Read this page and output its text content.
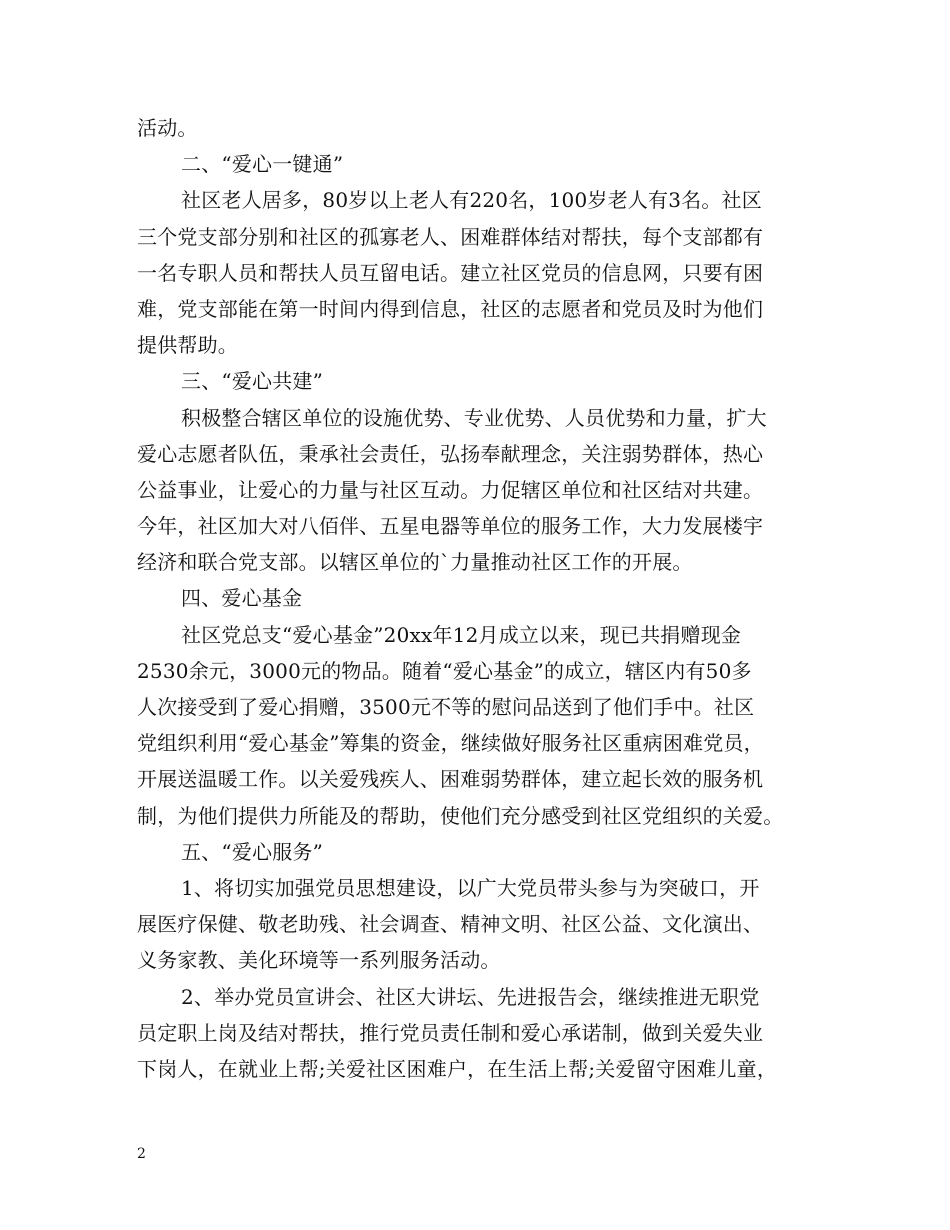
活动。
二、“爱心一键通”
社区老人居多，80岁以上老人有220名，100岁老人有3名。社区
三个党支部分别和社区的孤寡老人、困难群体结对帮扶，每个支部都有
一名专职人员和帮扶人员互留电话。建立社区党员的信息网，只要有困
难，党支部能在第一时间内得到信息，社区的志愿者和党员及时为他们
提供帮助。
三、“爱心共建”
积极整合辖区单位的设施优势、专业优势、人员优势和力量，扩大
爱心志愿者队伍，秉承社会责任，弘扬奉献理念，关注弱势群体，热心
公益事业，让爱心的力量与社区互动。力促辖区单位和社区结对共建。
今年，社区加大对八佰伴、五星电器等单位的服务工作，大力发展楼宇
经济和联合党支部。以辖区单位的`力量推动社区工作的开展。
四、爱心基金
社区党总支“爱心基金”20xx年12月成立以来，现已共捐赠现金
2530余元，3000元的物品。随着“爱心基金”的成立，辖区内有50多
人次接受到了爱心捐赠，3500元不等的慰问品送到了他们手中。社区
党组织利用“爱心基金”筹集的资金，继续做好服务社区重病困难党员，
开展送温暖工作。以关爱残疾人、困难弱势群体，建立起长效的服务机
制，为他们提供力所能及的帮助，使他们充分感受到社区党组织的关爱。
五、“爱心服务”
1、将切实加强党员思想建设，以广大党员带头参与为突破口，开
展医疗保健、敬老助残、社会调查、精神文明、社区公益、文化演出、
义务家教、美化环境等一系列服务活动。
2、举办党员宣讲会、社区大讲坛、先进报告会，继续推进无职党
员定职上岗及结对帮扶，推行党员责任制和爱心承诺制，做到关爱失业
下岗人，在就业上帮;关爱社区困难户，在生活上帮;关爱留守困难儿童，
2
